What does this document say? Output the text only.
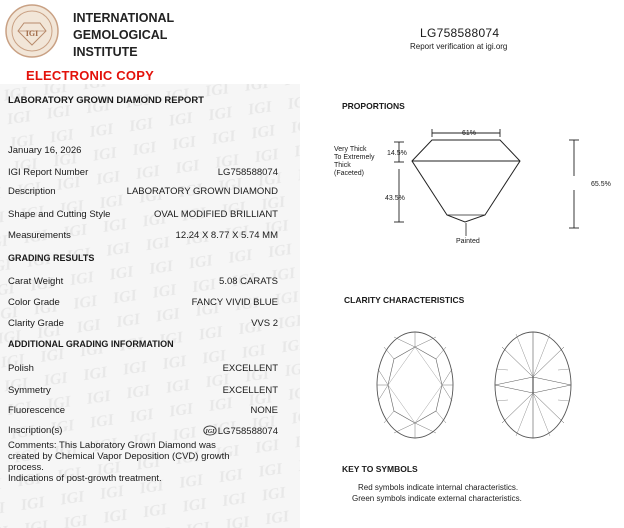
IGI
INTERNATIONAL
GEMOLOGICAL
INSTITUTE
ELECTRONIC COPY
LABORATORY GROWN DIAMOND REPORT
January 16, 2026
IGI Report Number	LG758588074
Description	LABORATORY GROWN DIAMOND
Shape and Cutting Style	OVAL MODIFIED BRILLIANT
Measurements	12.24 X 8.77 X 5.74 MM
GRADING RESULTS
Carat Weight	5.08 CARATS
Color Grade	FANCY VIVID BLUE
Clarity Grade	VVS 2
ADDITIONAL GRADING INFORMATION
Polish	EXCELLENT
Symmetry	EXCELLENT
Fluorescence	NONE
Inscription(s)	IGI LG758588074

Comments: This Laboratory Grown Diamond was

created by Chemical Vapor Deposition (CVD) growth

process.

Indications of post-growth treatment.

LG758588074
Report verification at igi.org
PROPORTIONS
61%
14.5%
43.5%
65.5%
Very Thick
To Extremely
Thick
(Faceted)
Painted
CLARITY CHARACTERISTICS
KEY TO SYMBOLS
Red symbols indicate internal characteristics.
Green symbols indicate external characteristics.
